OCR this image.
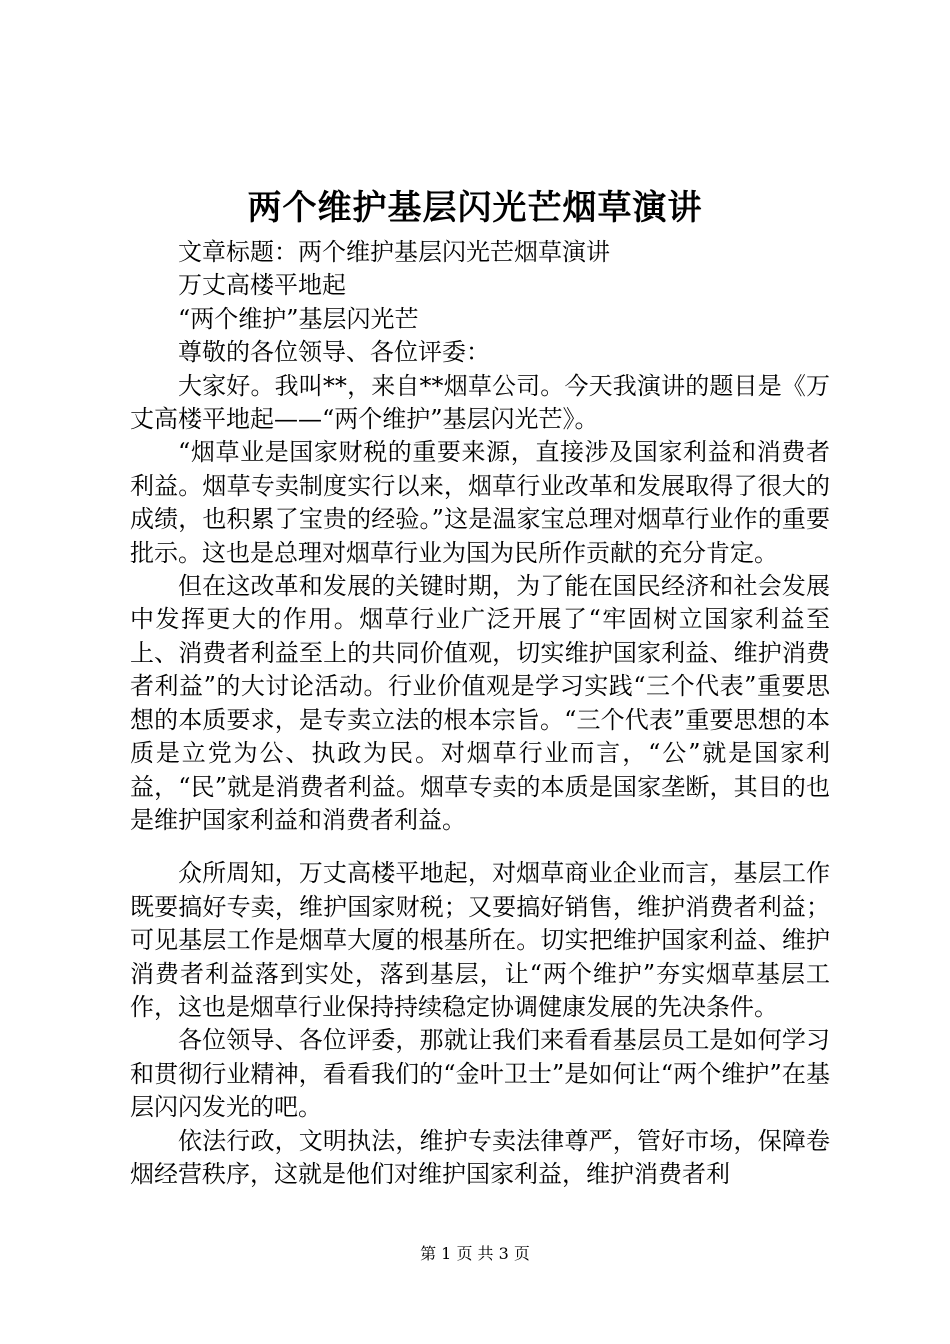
两个维护基层闪光芒烟草演讲

文章标题：两个维护基层闪光芒烟草演讲

万丈高楼平地起

“两个维护”基层闪光芒

尊敬的各位领导、各位评委：

大家好。我叫**，来自**烟草公司。今天我演讲的题目是《万丈高楼平地起——“两个维护”基层闪光芒》。

“烟草业是国家财税的重要来源，直接涉及国家利益和消费者利益。烟草专卖制度实行以来，烟草行业改革和发展取得了很大的成绩，也积累了宝贵的经验。”这是温家宝总理对烟草行业作的重要批示。这也是总理对烟草行业为国为民所作贡献的充分肯定。

但在这改革和发展的关键时期，为了能在国民经济和社会发展中发挥更大的作用。烟草行业广泛开展了“牢固树立国家利益至上、消费者利益至上的共同价值观，切实维护国家利益、维护消费者利益”的大讨论活动。行业价值观是学习实践“三个代表”重要思想的本质要求，是专卖立法的根本宗旨。“三个代表”重要思想的本质是立党为公、执政为民。对烟草行业而言，“公”就是国家利益，“民”就是消费者利益。烟草专卖的本质是国家垄断，其目的也是维护国家利益和消费者利益。

众所周知，万丈高楼平地起，对烟草商业企业而言，基层工作既要搞好专卖，维护国家财税；又要搞好销售，维护消费者利益；可见基层工作是烟草大厦的根基所在。切实把维护国家利益、维护消费者利益落到实处，落到基层，让“两个维护”夯实烟草基层工作，这也是烟草行业保持持续稳定协调健康发展的先决条件。

各位领导、各位评委，那就让我们来看看基层员工是如何学习和贯彻行业精神，看看我们的“金叶卫士”是如何让“两个维护”在基层闪闪发光的吧。

依法行政，文明执法，维护专卖法律尊严，管好市场，保障卷烟经营秩序，这就是他们对维护国家利益，维护消费者利

第 1 页 共 3 页
